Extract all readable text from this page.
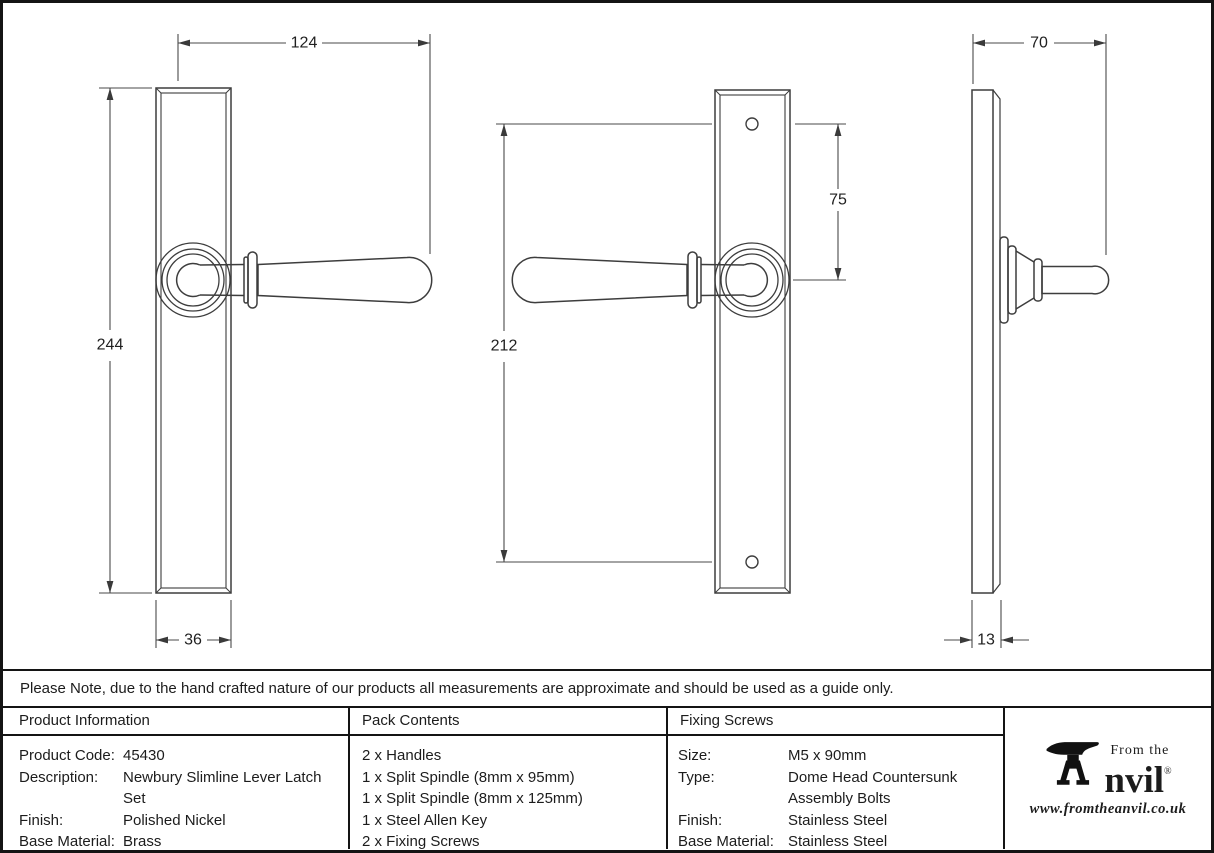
124
244
36
212
75
70
13
Please Note, due to the hand crafted nature of our products all measurements are approximate and should be used as a guide only.
Product Information
Product Code: 45430
Description:	Newbury Slimline Lever Latch Set
Finish:	Polished Nickel
Base Material: Brass
Pack Contents
2 x Handles
1 x Split Spindle (8mm x 95mm)
1 x Split Spindle (8mm x 125mm)
1 x Steel Allen Key
2 x Fixing Screws
Fixing Screws
Size:	M5 x 90mm
Type:	Dome Head Countersunk
Assembly Bolts
Finish:	Stainless Steel
Base Material: Stainless Steel
From the
nvil®
www.fromtheanvil.co.uk
